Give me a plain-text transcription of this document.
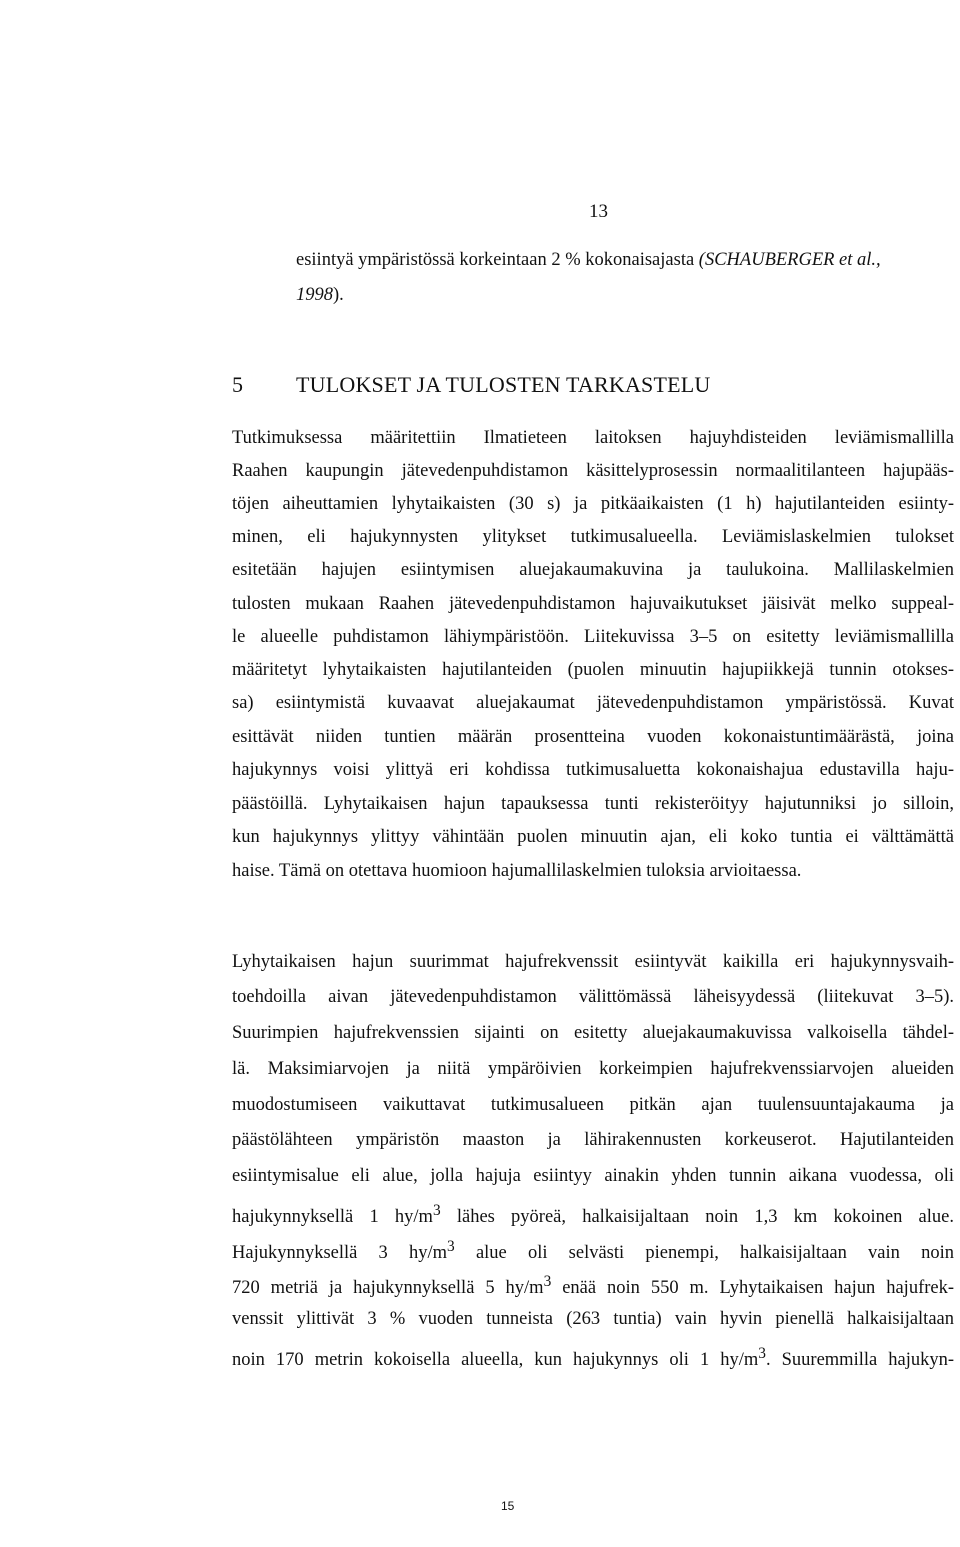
13
esiintyä ympäristössä korkeintaan 2 % kokonaisajasta (SCHAUBERGER et al.,
1998).
5 TULOKSET JA TULOSTEN TARKASTELU
Tutkimuksessa määritettiin Ilmatieteen laitoksen hajuyhdisteiden leviämismallilla
Raahen kaupungin jätevedenpuhdistamon käsittelyprosessin normaalitilanteen hajupääs-
töjen aiheuttamien lyhytaikaisten (30 s) ja pitkäaikaisten (1 h) hajutilanteiden esiinty-
minen, eli hajukynnysten ylitykset tutkimusalueella. Leviämislaskelmien tulokset
esitetään hajujen esiintymisen aluejakaumakuvina ja taulukoina. Mallilaskelmien
tulosten mukaan Raahen jätevedenpuhdistamon hajuvaikutukset jäisivät melko suppeal-
le alueelle puhdistamon lähiympäristöön. Liitekuvissa 3–5 on esitetty leviämismallilla
määritetyt lyhytaikaisten hajutilanteiden (puolen minuutin hajupiikkejä tunnin otokses-
sa) esiintymistä kuvaavat aluejakaumat jätevedenpuhdistamon ympäristössä. Kuvat
esittävät niiden tuntien määrän prosentteina vuoden kokonaistuntimäärästä, joina
hajukynnys voisi ylittyä eri kohdissa tutkimusaluetta kokonaishajua edustavilla haju-
päästöillä. Lyhytaikaisen hajun tapauksessa tunti rekisteröityy hajutunniksi jo silloin,
kun hajukynnys ylittyy vähintään puolen minuutin ajan, eli koko tuntia ei välttämättä
haise. Tämä on otettava huomioon hajumallilaskelmien tuloksia arvioitaessa.
Lyhytaikaisen hajun suurimmat hajufrekvenssit esiintyvät kaikilla eri hajukynnysvaih-
toehdoilla aivan jätevedenpuhdistamon välittömässä läheisyydessä (liitekuvat 3–5).
Suurimpien hajufrekvenssien sijainti on esitetty aluejakaumakuvissa valkoisella tähdel-
lä. Maksimiarvojen ja niitä ympäröivien korkeimpien hajufrekvenssiarvojen alueiden
muodostumiseen vaikuttavat tutkimusalueen pitkän ajan tuulensuuntajakauma ja
päästölähteen ympäristön maaston ja lähirakennusten korkeuserot. Hajutilanteiden
esiintymisalue eli alue, jolla hajuja esiintyy ainakin yhden tunnin aikana vuodessa, oli
hajukynnyksellä 1 $hy/m^3$ lähes pyöreä, halkaisijaltaan noin 1,3 km kokoinen alue.
Hajukynnyksellä 3 $hy/m^3$ alue oli selvästi pienempi, halkaisijaltaan vain noin
720 metriä ja hajukynnyksellä 5 $hy/m^3$ enää noin 550 m. Lyhytaikaisen hajun hajufrek-
venssit ylittivät 3 % vuoden tunneista (263 tuntia) vain hyvin pienellä halkaisijaltaan
noin 170 metrin kokoisella alueella, kun hajukynnys oli 1 $hy/m^3$. Suuremmilla hajukyn-
15
